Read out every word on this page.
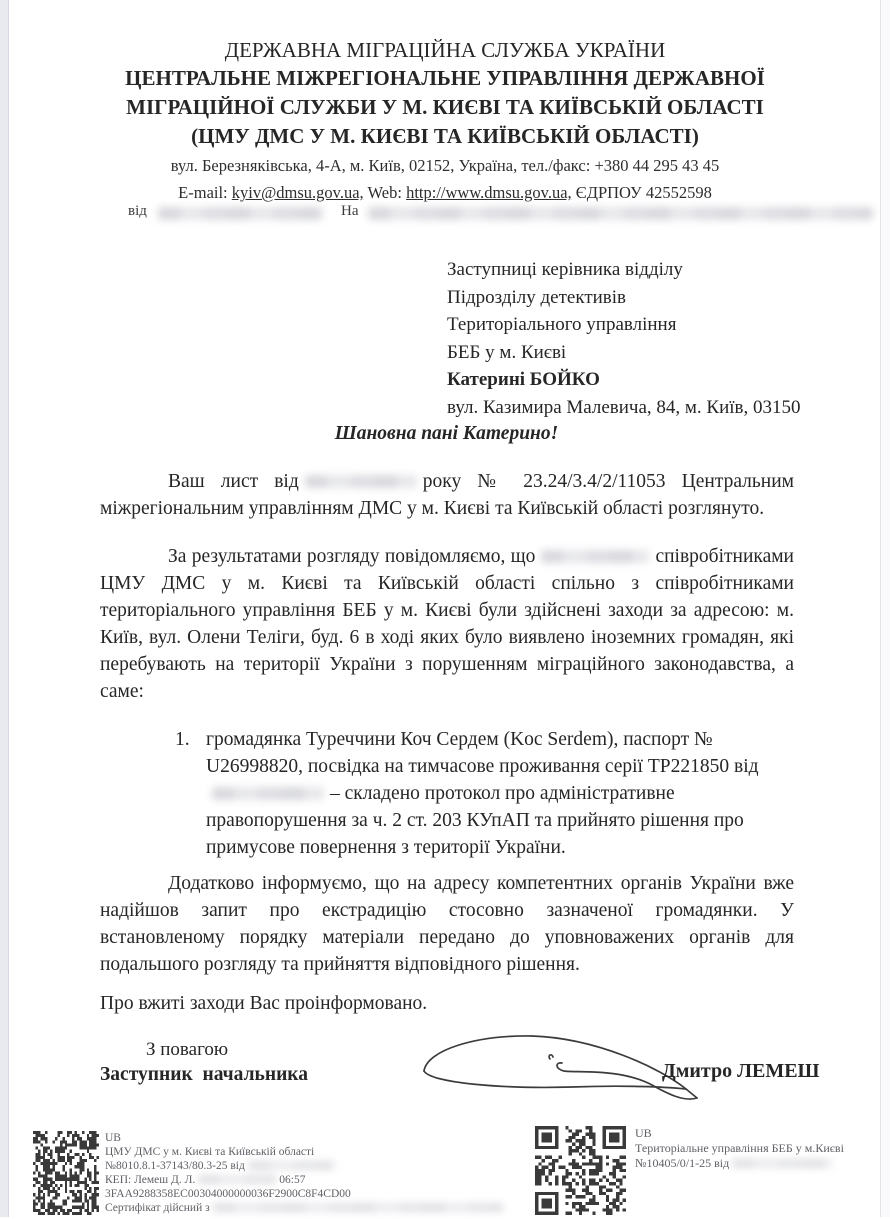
ДЕРЖАВНА МІГРАЦІЙНА СЛУЖБА УКРАЇНИ
ЦЕНТРАЛЬНЕ МІЖРЕГІОНАЛЬНЕ УПРАВЛІННЯ ДЕРЖАВНОЇ
МІГРАЦІЙНОЇ СЛУЖБИ У М. КИЄВІ ТА КИЇВСЬКІЙ ОБЛАСТІ
(ЦМУ ДМС У М. КИЄВІ ТА КИЇВСЬКІЙ ОБЛАСТІ)
вул. Березняківська, 4-А, м. Київ, 02152, Україна, тел./факс: +380 44 295 43 45
E-mail: kyiv@dmsu.gov.ua, Web: http://www.dmsu.gov.ua, ЄДРПОУ 42552598
від	На
Заступниці керівника відділу
Підрозділу детективів
Територіального управління
БЕБ у м. Києві
Катерині БОЙКО
вул. Казимира Малевича, 84, м. Київ, 03150
Шановна пані Катерино!

Ваш лист від	року № 23.24/3.4/2/11053 Центральним міжрегіональним управлінням ДМС у м. Києві та Київській області розглянуто.

За результатами розгляду повідомляємо, що	співробітниками ЦМУ ДМС у м. Києві та Київській області спільно з співробітниками територіального управління БЕБ у м. Києві були здійснені заходи за адресою: м. Київ, вул. Олени Теліги, буд. 6 в ході яких було виявлено іноземних громадян, які перебувають на території України з порушенням міграційного законодавства, а саме:

1. громадянка Туреччини Коч Сердем (Koc Serdem), паспорт № U26998820, посвідка на тимчасове проживання серії ТР221850 від– складено протокол про адміністративне правопорушення за ч. 2 ст. 203 КУпАП та прийнято рішення про примусове повернення з території України.

Додатково інформуємо, що на адресу компетентних органів України вже надійшов запит про екстрадицію стосовно зазначеної громадянки. У встановленому порядку матеріали передано до уповноважених органів для подальшого розгляду та прийняття відповідного рішення.

Про вжиті заходи Вас проінформовано.

З повагою
Заступник  начальника	Дмитро ЛЕМЕШ
UB
ЦМУ ДМС у м. Києві та Київській області
№8010.8.1-37143/80.3-25 від
КЕП: Лемеш Д. Л.	06:57
3FAA9288358EC00304000000036F2900C8F4CD00
Сертифікат дійсний з
UB
Територіальне управління БЕБ у м.Києві
№10405/0/1-25 від
